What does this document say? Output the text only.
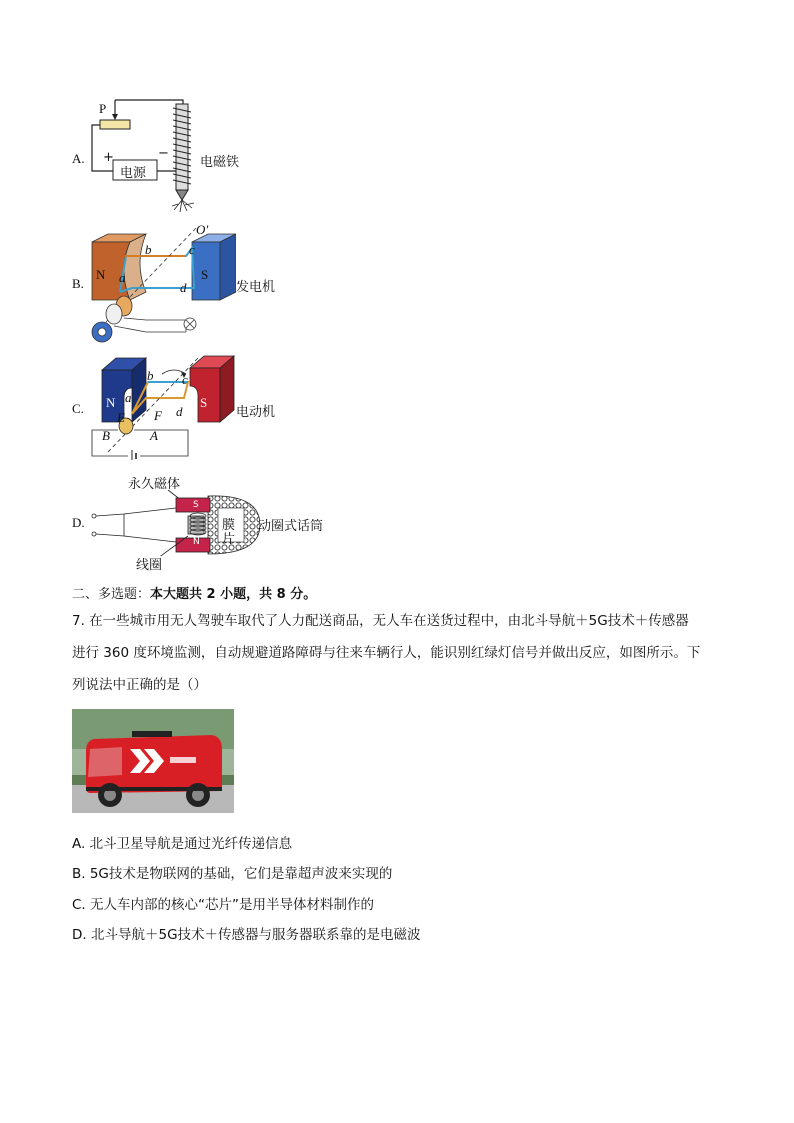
A.
P
电源
+	−
电磁铁
B.
N	S
a
b	c
d
O′
发电机
C. N	S
a
b c
d
E F
B	A
电动机
D.
永久磁体
膜
片
N
S
线圈
动圈式话筒
二、多选题：本大题共 2 小题，共 8 分。
7. 在一些城市用无人驾驶车取代了人力配送商品，无人车在送货过程中，由北斗导航＋5G技术＋传感器
进行 360 度环境监测，自动规避道路障碍与往来车辆行人，能识别红绿灯信号并做出反应，如图所示。下
列说法中正确的是（）
A. 北斗卫星导航是通过光纤传递信息
B. 5G技术是物联网的基础，它们是靠超声波来实现的
C. 无人车内部的核心“芯片”是用半导体材料制作的
D. 北斗导航＋5G技术＋传感器与服务器联系靠的是电磁波
